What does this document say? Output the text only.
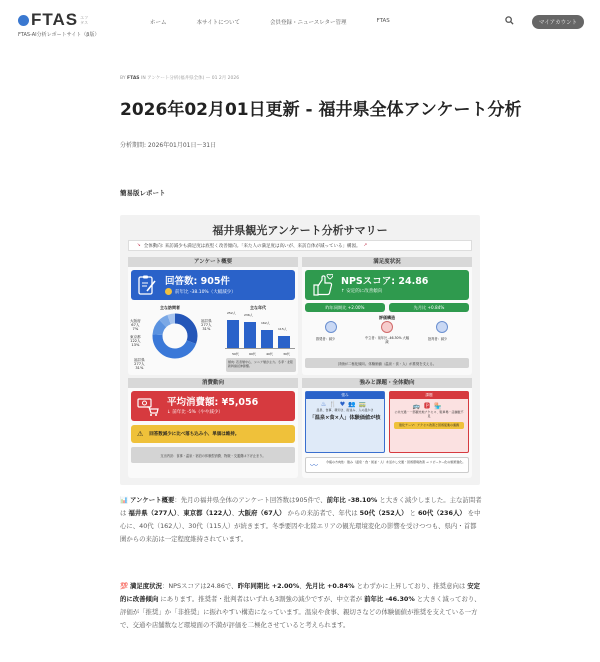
FTAS エフタス
FTAS-AI分析レポートサイト（β版）
ホーム	本サイトについて	会員登録・ニュースレター管理	FTAS	マイアカウント
BY FTAS IN アンケート分析(福井県全体) — 01 2月 2026
2026年02月01日更新 - 福井県全体アンケート分析
分析期間: 2026年01月01日～31日
簡易版レポート
福井県観光アンケート分析サマリー
↘ 全体動向: 来訪減少も満足度は底堅く改善傾向。「来た人の満足度は高いが、来訪自体が減っている」構図。 ↗
アンケート概要
回答数: 905件
前年比 -38.10%（大幅減少）
主な訪問者
大阪府
67人
7%
東京都
122人
13%
福井県
277人
31%
福井県
277人
31%
主な年代
252人	236人
162人
115人
50代	60代	40代	30代
傾向: 若者層中心、シニア層が主力。冬季・北陸新幹線延伸影響。
満足度状況
NPSスコア: 24.86
↑ 安定的に改善傾向
昨年同期比 +2.00%	先月比 +0.84%
評価構造
推奨者：減少	中立者：前年比 -46.30% 大幅減
批判者：減少
評価が二極化傾向。体験価値（温泉・食・人）が推奨を支える。
消費動向
平均消費額: ¥5,056
↓ 前年比 -5%（やや減少）
⚠ 回答数減少に比べ落ち込み小、単価は維持。
支出内訳：食事・温泉・宿泊の体験型消費、物販・交通費は下げ止まり。
強みと課題・全体動向
強み
♨🍴♥👥🚃
温泉、食事、親切さ、街並み、人の温かさ
「温泉×食×人」体験価値が核
課題
🚌🅿🏪
公共交通・一部観光地アクセス、駐車場・店舗数不足
強化テーマ：アクセス改善と回遊促進の連携
〰	今後の方向性：強み（温泉・食・街並・人）を活かし交通・回遊環境改善 → リピーター化の施策強化。
📊 アンケート概要：先月の福井県全体のアンケート回答数は905件で、前年比 -38.10% と大きく減少しました。主な訪問者は 福井県（277人）、東京都（122人）、大阪府（67人） からの来訪者で、年代は 50代（252人） と 60代（236人） を中心に、40代（162人）、30代（115人）が続きます。冬季要因や北陸エリアの観光環境変化の影響を受けつつも、県内・首都圏からの来訪は一定程度維持されています。
💯 満足度状況：NPSスコアは24.86で、昨年同期比 +2.00%、先月比 +0.84% とわずかに上昇しており、推奨意向は 安定的に改善傾向 にあります。推奨者・批判者はいずれも3割強の減少ですが、中立者が 前年比 -46.30% と大きく減っており、評価が「推奨」か「非推奨」に振れやすい構造になっています。温泉や食事、親切さなどの体験価値が推奨を支えている一方で、交通や店舗数など環境面の不満が評価を二極化させていると考えられます。
